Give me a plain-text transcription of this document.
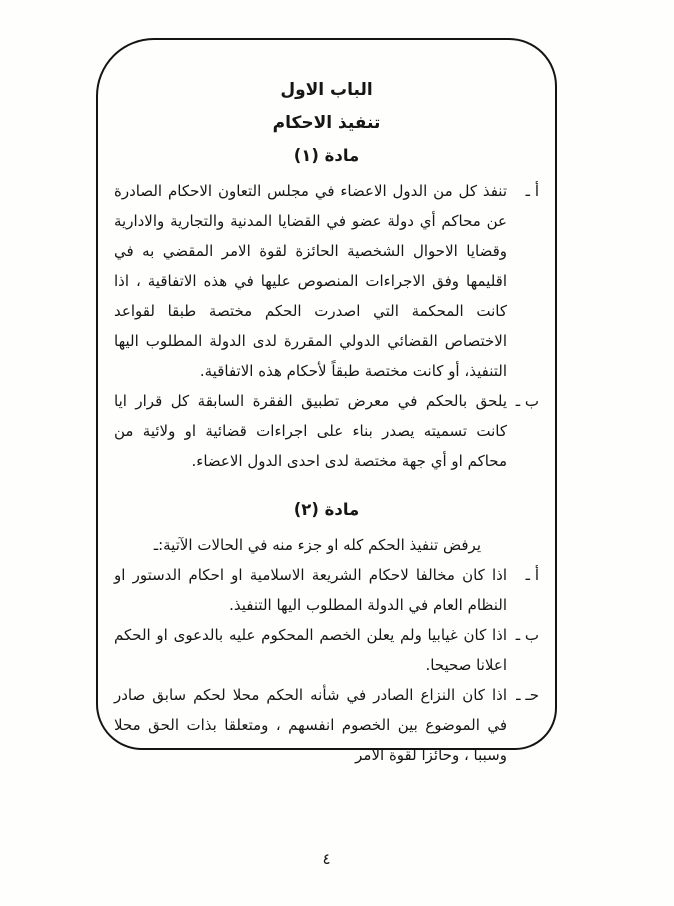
الباب الاول
تنفيذ الاحكام
مادة (١)
أ ـ
تنفذ كل من الدول الاعضاء في مجلس التعاون الاحكام الصادرة عن محاكم أي دولة عضو في القضايا المدنية والتجارية والادارية وقضايا الاحوال الشخصية الحائزة لقوة الامر المقضي به في اقليمها وفق الاجراءات المنصوص عليها في هذه الاتفاقية ، اذا كانت المحكمة التي اصدرت الحكم مختصة طبقا لقواعد الاختصاص القضائي الدولي المقررة لدى الدولة المطلوب اليها التنفيذ، أو كانت مختصة طبقاً لأحكام هذه الاتفاقية.
ب ـ
يلحق بالحكم في معرض تطبيق الفقرة السابقة كل قرار ايا كانت تسميته يصدر بناء على اجراءات قضائية او ولائية من محاكم او أي جهة مختصة لدى احدى الدول الاعضاء.
مادة (٢)
يرفض تنفيذ الحكم كله او جزء منه في الحالات الآتية:ـ
أ ـ
اذا كان مخالفا لاحكام الشريعة الاسلامية او احكام الدستور او النظام العام في الدولة المطلوب اليها التنفيذ.
ب ـ
اذا كان غيابيا ولم يعلن الخصم المحكوم عليه بالدعوى او الحكم اعلانا صحيحا.
حـ ـ
اذا كان النزاع الصادر في شأنه الحكم محلا لحكم سابق صادر في الموضوع بين الخصوم انفسهم ، ومتعلقا بذات الحق محلا وسببا ، وحائزا لقوة الامر
٤
